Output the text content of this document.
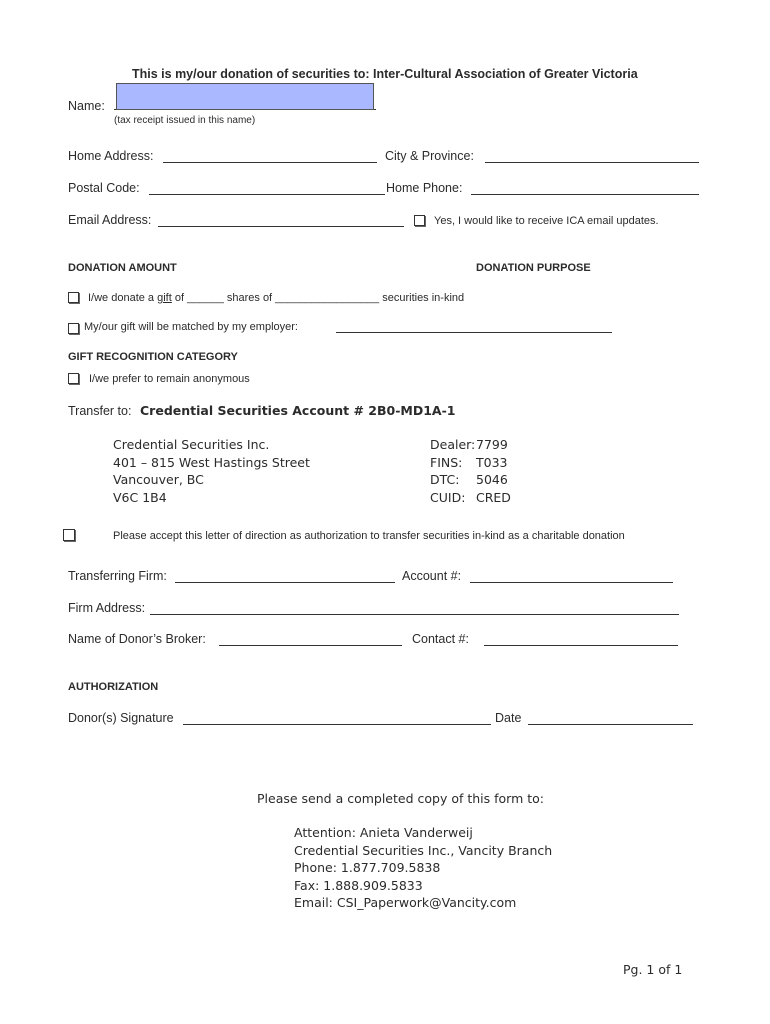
This is my/our donation of securities to: Inter-Cultural Association of Greater Victoria
Name:
(tax receipt issued in this name)
Home Address:	City & Province:
Postal Code:	Home Phone:
Email Address:	Yes, I would like to receive ICA email updates.
DONATION AMOUNT	DONATION PURPOSE
I/we donate a gift of ______ shares of _________________ securities in-kind
My/our gift will be matched by my employer:
GIFT RECOGNITION CATEGORY
I/we prefer to remain anonymous
Transfer to: Credential Securities Account # 2B0-MD1A-1
Credential Securities Inc.
401 – 815 West Hastings Street
Vancouver, BC
V6C 1B4
Dealer: 7799
FINS: T033
DTC: 5046
CUID: CRED
Please accept this letter of direction as authorization to transfer securities in-kind as a charitable donation
Transferring Firm:	Account #:
Firm Address:
Name of Donor’s Broker:	Contact #:
AUTHORIZATION
Donor(s) Signature	Date
Please send a completed copy of this form to:
Attention: Anieta Vanderweij
Credential Securities Inc., Vancity Branch
Phone: 1.877.709.5838
Fax: 1.888.909.5833
Email: CSI_Paperwork@Vancity.com
Pg. 1 of 1
